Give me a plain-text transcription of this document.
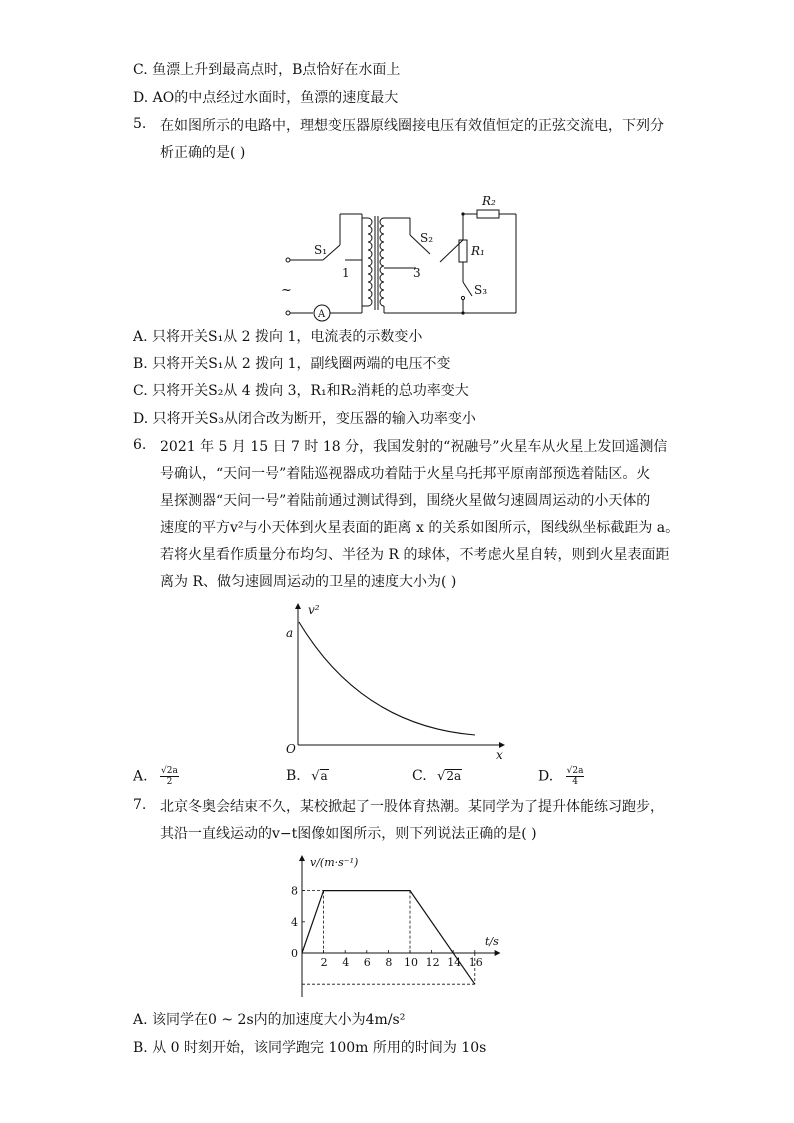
C. 鱼漂上升到最高点时，B点恰好在水面上
D. AO的中点经过水面时，鱼漂的速度最大
5. 在如图所示的电路中，理想变压器原线圈接电压有效值恒定的正弦交流电，下列分
析正确的是( )
R₂
R₁
S₁
S₂
S₃
1	3
~
A
A. 只将开关S₁从 2 拨向 1，电流表的示数变小
B. 只将开关S₁从 2 拨向 1，副线圈两端的电压不变
C. 只将开关S₂从 4 拨向 3，R₁和R₂消耗的总功率变大
D. 只将开关S₃从闭合改为断开，变压器的输入功率变小
6. 2021 年 5 月 15 日 7 时 18 分，我国发射的“祝融号”火星车从火星上发回遥测信
号确认，“天问一号”着陆巡视器成功着陆于火星乌托邦平原南部预选着陆区。火
星探测器“天问一号”着陆前通过测试得到，围绕火星做匀速圆周运动的小天体的
速度的平方v²与小天体到火星表面的距离 x 的关系如图所示，图线纵坐标截距为 a。
若将火星看作质量分布均匀、半径为 R 的球体，不考虑火星自转，则到火星表面距
离为 R、做匀速圆周运动的卫星的速度大小为( )
v²
x
O
a
A. $\frac{√2a}{2}$	B. √a	C. √2a	D. $\frac{√2a}{4}$
7. 北京冬奥会结束不久，某校掀起了一股体育热潮。某同学为了提升体能练习跑步，
其沿一直线运动的v−t图像如图所示，则下列说法正确的是( )
v/(m·s⁻¹)
t/s
2 4 6 8 10 12 14 16
8
4
0
A. 该同学在0 ~ 2s内的加速度大小为4m/s²
B. 从 0 时刻开始，该同学跑完 100m 所用的时间为 10s
